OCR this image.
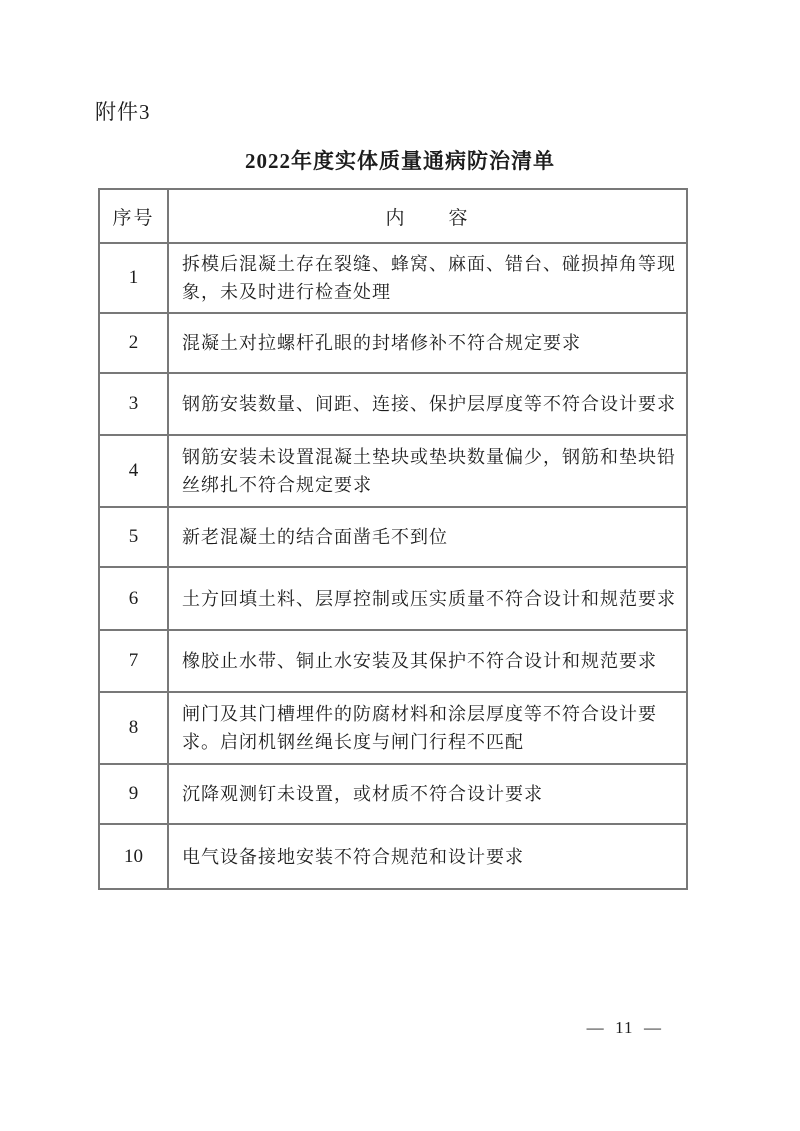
附件3
2022年度实体质量通病防治清单
序号	内　　容
1	拆模后混凝土存在裂缝、蜂窝、麻面、错台、碰损掉角等现象，未及时进行检查处理
2	混凝土对拉螺杆孔眼的封堵修补不符合规定要求
3	钢筋安装数量、间距、连接、保护层厚度等不符合设计要求
4	钢筋安装未设置混凝土垫块或垫块数量偏少，钢筋和垫块铅丝绑扎不符合规定要求
5	新老混凝土的结合面凿毛不到位
6	土方回填土料、层厚控制或压实质量不符合设计和规范要求
7	橡胶止水带、铜止水安装及其保护不符合设计和规范要求
8	闸门及其门槽埋件的防腐材料和涂层厚度等不符合设计要求。启闭机钢丝绳长度与闸门行程不匹配
9	沉降观测钉未设置，或材质不符合设计要求
10	电气设备接地安装不符合规范和设计要求
—  11  —
